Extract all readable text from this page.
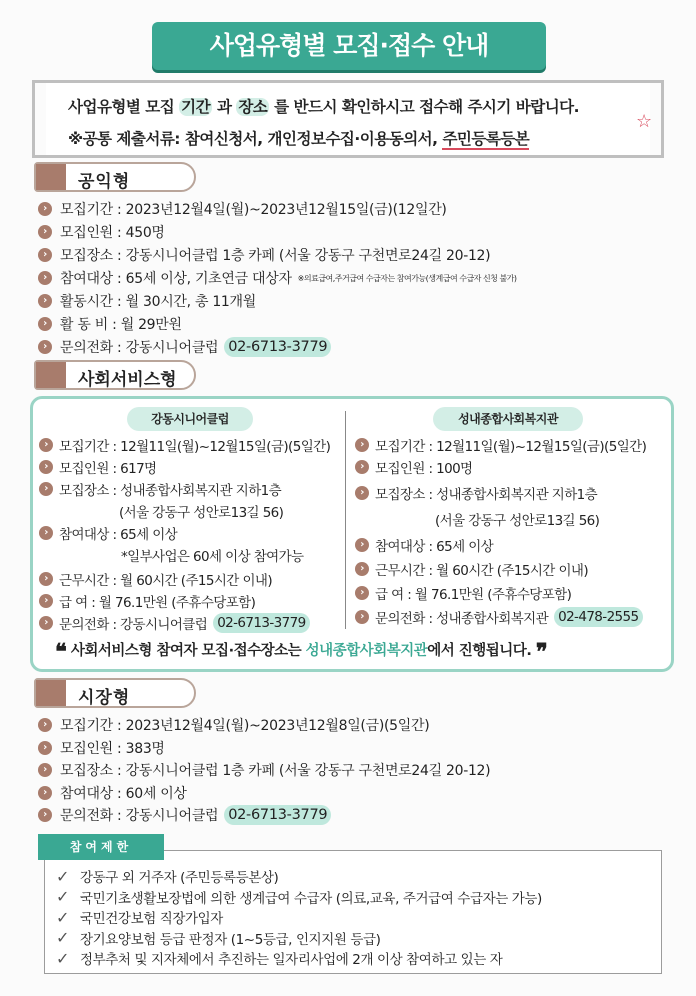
사업유형별 모집·접수 안내
사업유형별 모집 기간 과 장소 를 반드시 확인하시고 접수해 주시기 바랍니다.
※공통 제출서류: 참여신청서, 개인정보수집·이용동의서, 주민등록등본
☆
공익형
› 모집기간 : 2023년12월4일(월)~2023년12월15일(금)(12일간)
› 모집인원 : 450명
› 모집장소 : 강동시니어클럽 1층 카페 (서울 강동구 구천면로24길 20-12)
› 참여대상 : 65세 이상, 기초연금 대상자 ※의료급여,주거급여 수급자는 참여가능(생계급여 수급자 신청 불가)
› 활동시간 : 월 30시간, 총 11개월
› 활 동 비 : 월 29만원
› 문의전화 : 강동시니어클럽 02-6713-3779
사회서비스형
강동시니어클럽	성내종합사회복지관
› 모집기간 : 12월11일(월)~12월15일(금)(5일간)
› 모집인원 : 617명
› 모집장소 : 성내종합사회복지관 지하1층
› 참여대상 : 65세 이상
› 근무시간 : 월 60시간 (주15시간 이내)
› 급 여 : 월 76.1만원 (주휴수당포함)
› 문의전화 : 강동시니어클럽 02-6713-3779
(서울 강동구 성안로13길 56)
*일부사업은 60세 이상 참여가능
› 모집기간 : 12월11일(월)~12월15일(금)(5일간)
› 모집인원 : 100명
› 모집장소 : 성내종합사회복지관 지하1층
› 참여대상 : 65세 이상
› 근무시간 : 월 60시간 (주15시간 이내)
› 급 여 : 월 76.1만원 (주휴수당포함)
› 문의전화 : 성내종합사회복지관 02-478-2555
(서울 강동구 성안로13길 56)
❝ 사회서비스형 참여자 모집·접수장소는 성내종합사회복지관에서 진행됩니다. ❞
시장형
› 모집기간 : 2023년12월4일(월)~2023년12월8일(금)(5일간)
› 모집인원 : 383명
› 모집장소 : 강동시니어클럽 1층 카페 (서울 강동구 구천면로24길 20-12)
› 참여대상 : 60세 이상
› 문의전화 : 강동시니어클럽 02-6713-3779
참여제한
✓ 강동구 외 거주자 (주민등록등본상)
✓ 국민기초생활보장법에 의한 생계급여 수급자 (의료,교육, 주거급여 수급자는 가능)
✓ 국민건강보험 직장가입자
✓ 장기요양보험 등급 판정자 (1~5등급, 인지지원 등급)
✓ 정부추처 및 지자체에서 추진하는 일자리사업에 2개 이상 참여하고 있는 자
